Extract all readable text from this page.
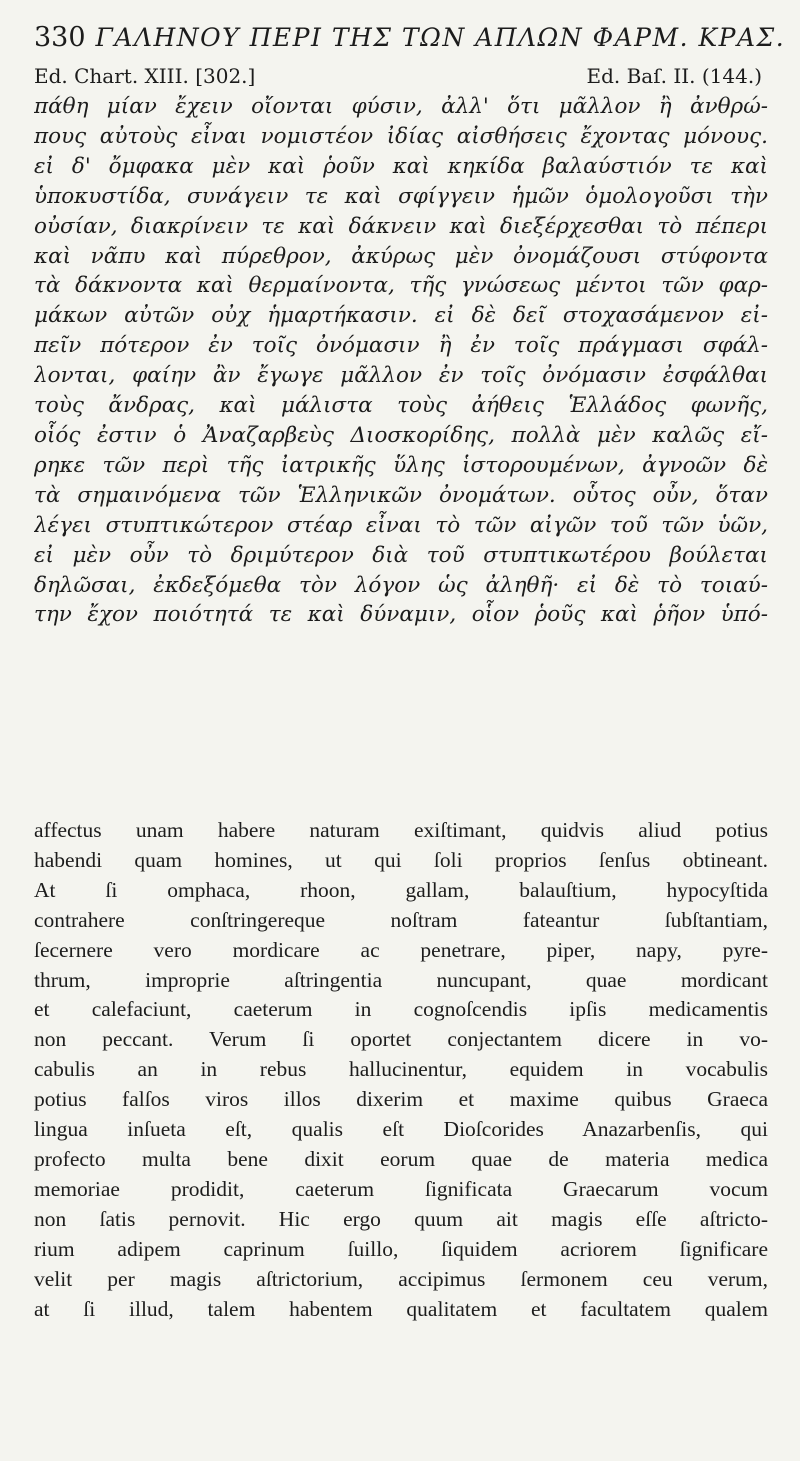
330 ΓΑΛΗΝΟΥ ΠΕΡΙ ΤΗΣ ΤΩΝ ΑΠΛΩΝ ΦΑΡΜ. ΚΡΑΣ.
Ed. Chart. XIII. [302.]	Ed. Baſ. II. (144.)
πάθη μίαν ἔχειν οἴονται φύσιν, ἀλλ' ὅτι μᾶλλον ἢ ἀνθρώ-
πους αὐτοὺς εἶναι νομιστέον ἰδίας αἰσθήσεις ἔχοντας μόνους.
εἰ δ' ὄμφακα μὲν καὶ ῥοῦν καὶ κηκίδα βαλαύστιόν τε καὶ
ὑποκυστίδα, συνάγειν τε καὶ σφίγγειν ἡμῶν ὁμολογοῦσι τὴν
οὐσίαν, διακρίνειν τε καὶ δάκνειν καὶ διεξέρχεσθαι τὸ πέπερι
καὶ νᾶπυ καὶ πύρεθρον, ἀκύρως μὲν ὀνομάζουσι στύφοντα
τὰ δάκνοντα καὶ θερμαίνοντα, τῆς γνώσεως μέντοι τῶν φαρ-
μάκων αὐτῶν οὐχ ἡμαρτήκασιν. εἰ δὲ δεῖ στοχασάμενον εἰ-
πεῖν πότερον ἐν τοῖς ὀνόμασιν ἢ ἐν τοῖς πράγμασι σφάλ-
λονται, φαίην ἂν ἔγωγε μᾶλλον ἐν τοῖς ὀνόμασιν ἐσφάλθαι
τοὺς ἄνδρας, καὶ μάλιστα τοὺς ἀήθεις Ἑλλάδος φωνῆς,
οἷός ἐστιν ὁ Ἀναζαρβεὺς Διοσκορίδης, πολλὰ μὲν καλῶς εἴ-
ρηκε τῶν περὶ τῆς ἰατρικῆς ὕλης ἱστορουμένων, ἀγνοῶν δὲ
τὰ σημαινόμενα τῶν Ἑλληνικῶν ὀνομάτων. οὗτος οὖν, ὅταν
λέγει στυπτικώτερον στέαρ εἶναι τὸ τῶν αἰγῶν τοῦ τῶν ὑῶν,
εἰ μὲν οὖν τὸ δριμύτερον διὰ τοῦ στυπτικωτέρου βούλεται
δηλῶσαι, ἐκδεξόμεθα τὸν λόγον ὡς ἀληθῆ· εἰ δὲ τὸ τοιαύ-
την ἔχον ποιότητά τε καὶ δύναμιν, οἷον ῥοῦς καὶ ῥῆον ὑπό-
affectus unam habere naturam exiſtimant, quidvis aliud potius
habendi quam homines, ut qui ſoli proprios ſenſus obtineant.
At ſi omphaca, rhoon, gallam, balauſtium, hypocyſtida
contrahere conſtringereque noſtram fateantur ſubſtantiam,
ſecernere vero mordicare ac penetrare, piper, napy, pyre-
thrum, improprie aſtringentia nuncupant, quae mordicant
et calefaciunt, caeterum in cognoſcendis ipſis medicamentis
non peccant. Verum ſi oportet conjectantem dicere in vo-
cabulis an in rebus hallucinentur, equidem in vocabulis
potius falſos viros illos dixerim et maxime quibus Graeca
lingua inſueta eſt, qualis eſt Dioſcorides Anazarbenſis, qui
profecto multa bene dixit eorum quae de materia medica
memoriae prodidit, caeterum ſignificata Graecarum vocum
non ſatis pernovit. Hic ergo quum ait magis eſſe aſtricto-
rium adipem caprinum ſuillo, ſiquidem acriorem ſignificare
velit per magis aſtrictorium, accipimus ſermonem ceu verum,
at ſi illud, talem habentem qualitatem et facultatem qualem
